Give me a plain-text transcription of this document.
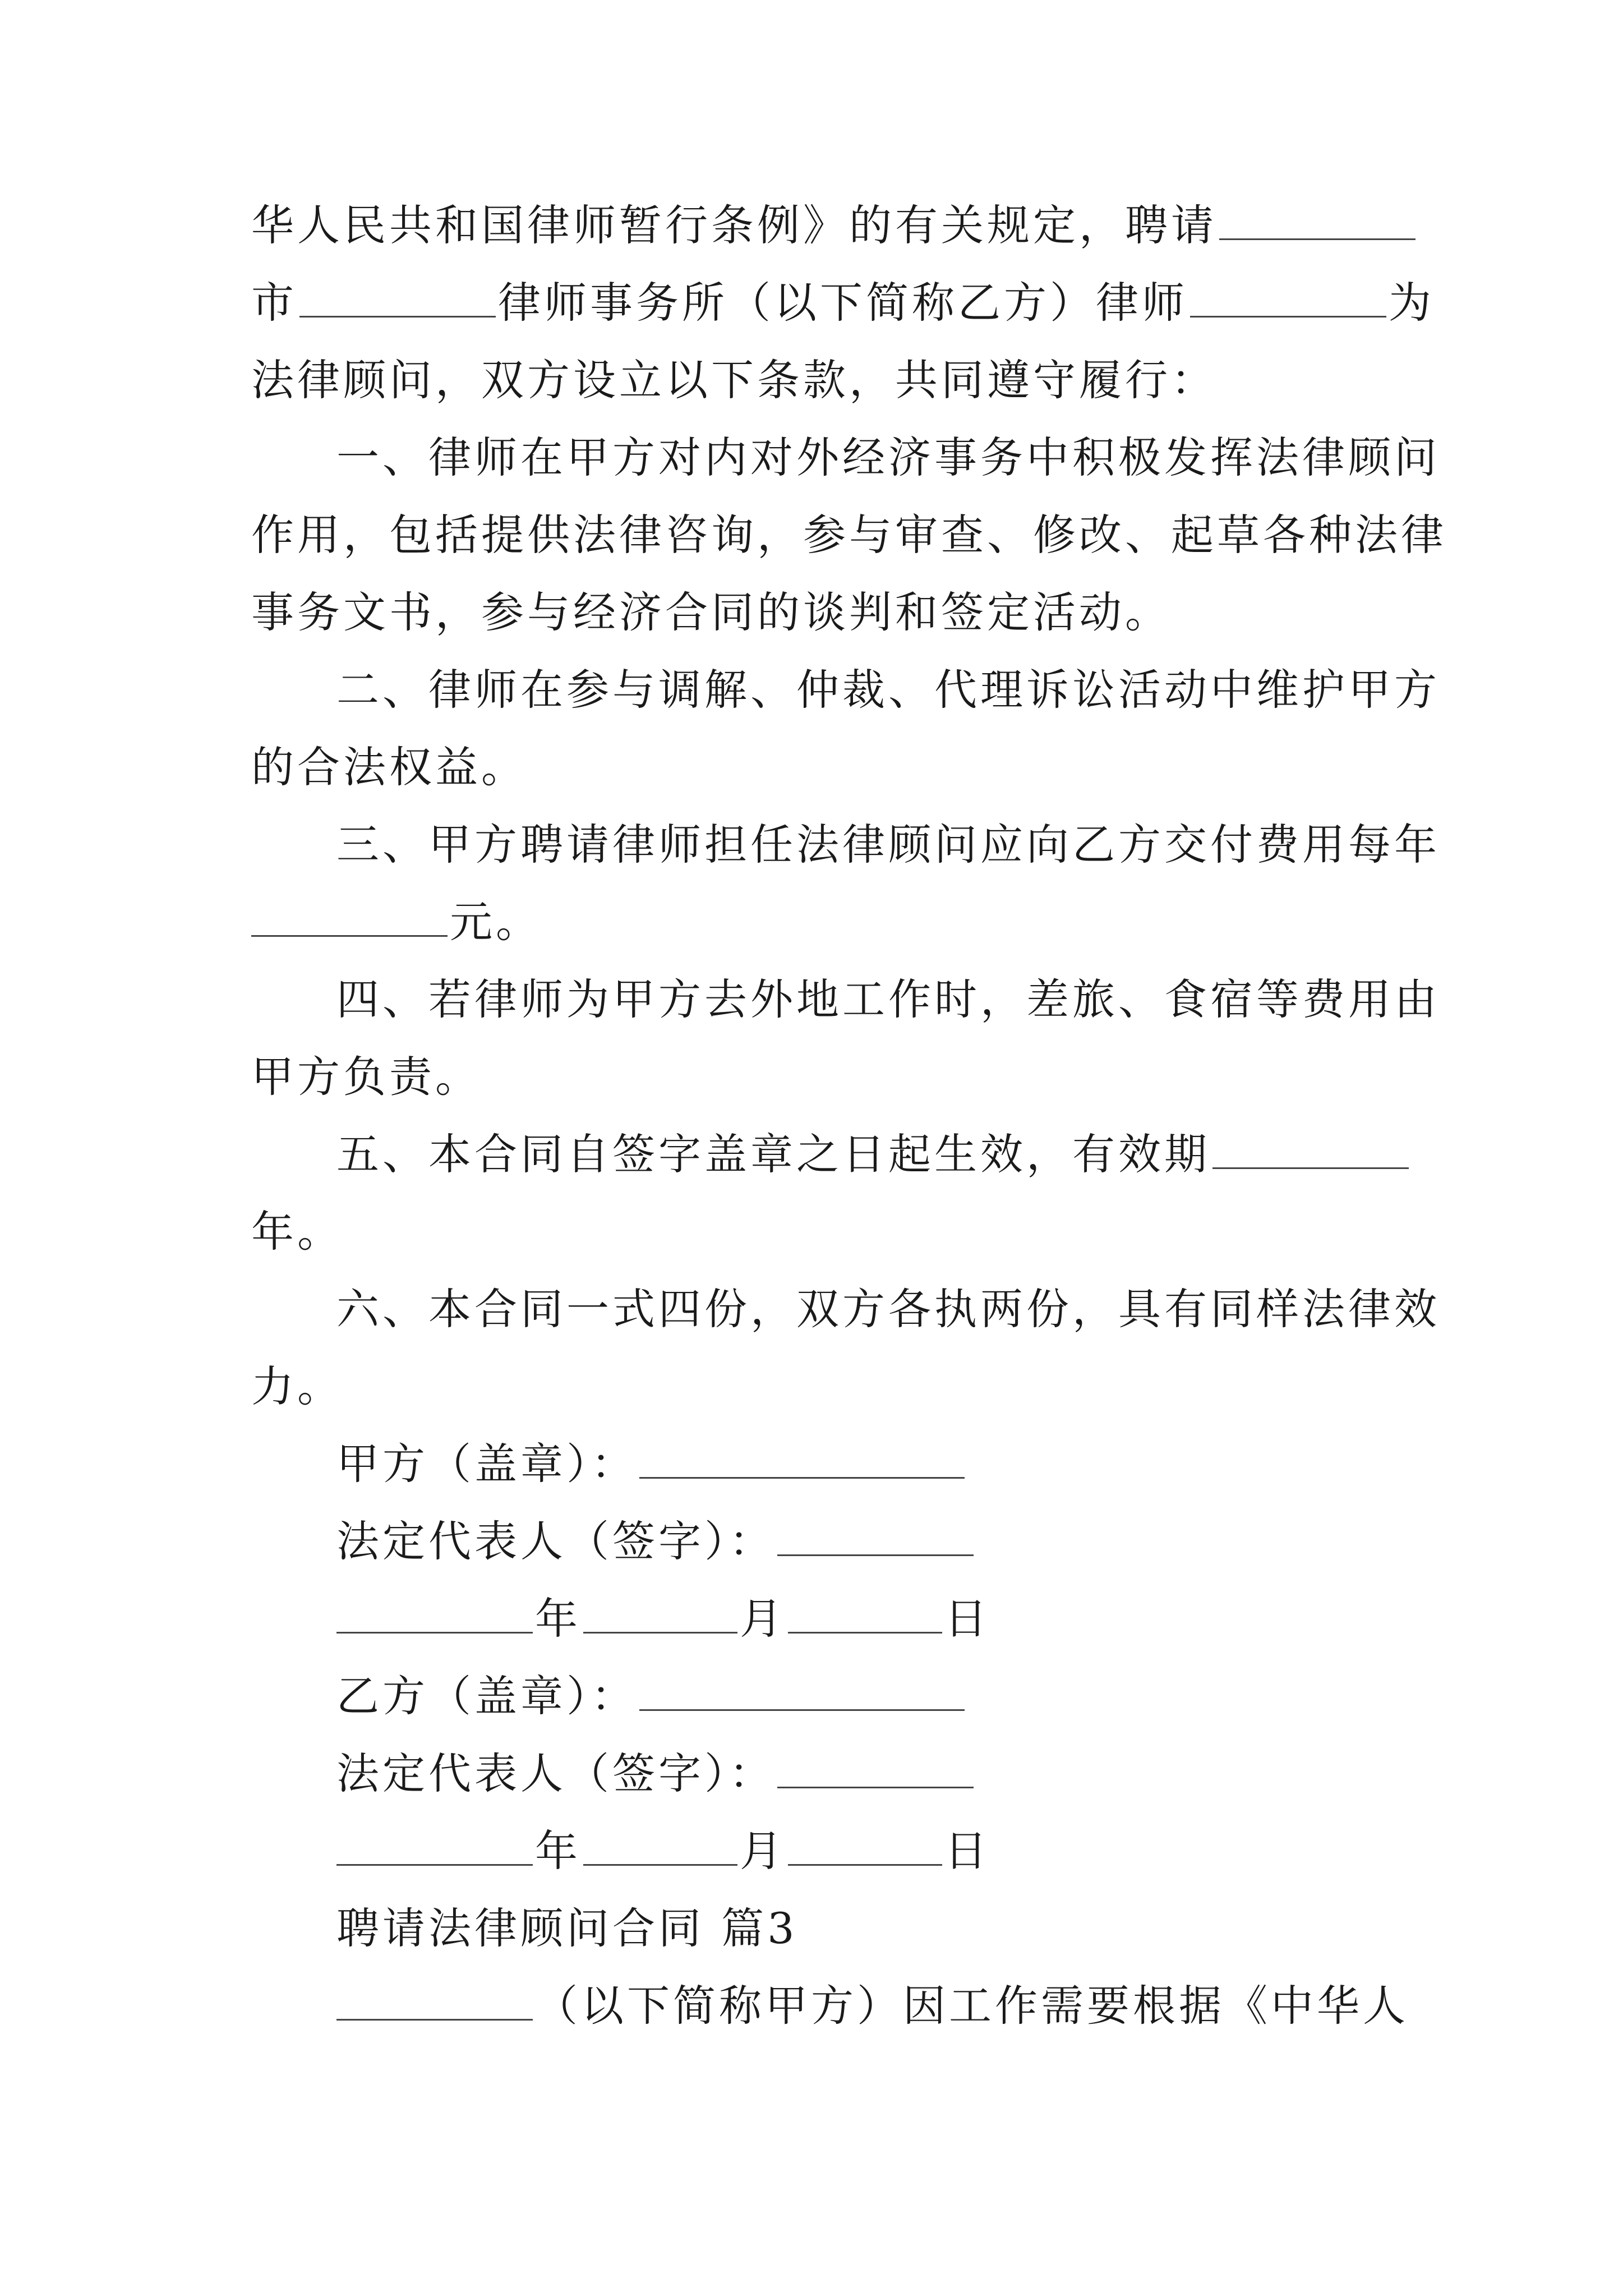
华人民共和国律师暂行条例》的有关规定，聘请
市	律师事务所（以下简称乙方）律师	为
法律顾问，双方设立以下条款，共同遵守履行：
一、律师在甲方对内对外经济事务中积极发挥法律顾问
作用，包括提供法律咨询，参与审查、修改、起草各种法律
事务文书，参与经济合同的谈判和签定活动。
二、律师在参与调解、仲裁、代理诉讼活动中维护甲方
的合法权益。
三、甲方聘请律师担任法律顾问应向乙方交付费用每年
元。
四、若律师为甲方去外地工作时，差旅、食宿等费用由
甲方负责。
五、本合同自签字盖章之日起生效，有效期
年。
六、本合同一式四份，双方各执两份，具有同样法律效
力。
甲方（盖章）：
法定代表人（签字）：
年	月	日
乙方（盖章）：
法定代表人（签字）：
年	月	日
聘请法律顾问合同 篇3
（以下简称甲方）因工作需要根据《中华人
